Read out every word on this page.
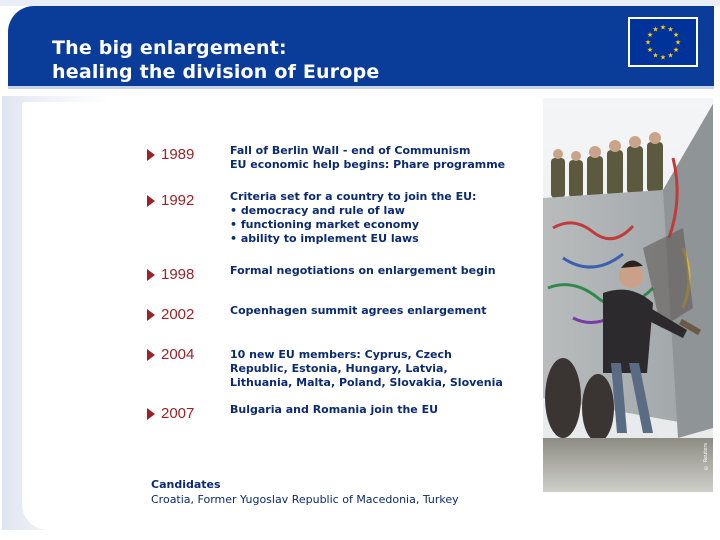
The big enlargement:
healing the division of Europe
★ ★
★
★
★
★
★
★
★
★
★
★
1989	Fall of Berlin Wall - end of Communism
EU economic help begins: Phare programme
1992	Criteria set for a country to join the EU:
• democracy and rule of law
• functioning market economy
• ability to implement EU laws
1998	Formal negotiations on enlargement begin
2002	Copenhagen summit agrees enlargement
2004	10 new EU members: Cyprus, Czech
Republic, Estonia, Hungary, Latvia,
Lithuania, Malta, Poland, Slovakia, Slovenia
2007	Bulgaria and Romania join the EU
Candidates
Croatia, Former Yugoslav Republic of Macedonia, Turkey
© Reuters
